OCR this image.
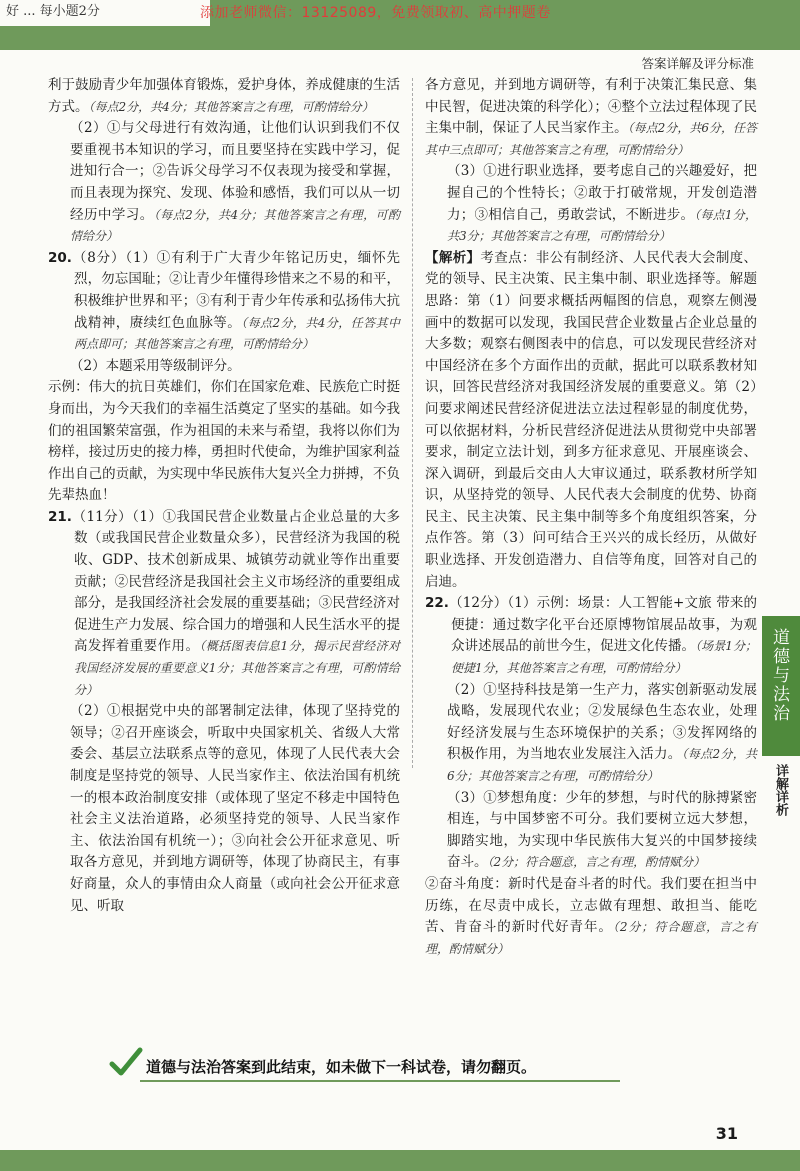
好 ... 每小题2分	添加老师微信：13125089，免费领取初、高中押题卷
答案详解及评分标准

利于鼓励青少年加强体育锻炼，爱护身体，养成健康的生活方式。（每点2分，共4分；其他答案言之有理，可酌情给分）

（2）①与父母进行有效沟通，让他们认识到我们不仅要重视书本知识的学习，而且要坚持在实践中学习，促进知行合一；②告诉父母学习不仅表现为接受和掌握，而且表现为探究、发现、体验和感悟，我们可以从一切经历中学习。（每点2分，共4分；其他答案言之有理，可酌情给分）

20.（8分）（1）①有利于广大青少年铭记历史，缅怀先烈，勿忘国耻；②让青少年懂得珍惜来之不易的和平，积极维护世界和平；③有利于青少年传承和弘扬伟大抗战精神，赓续红色血脉等。（每点2分，共4分，任答其中两点即可；其他答案言之有理，可酌情给分）

（2）本题采用等级制评分。

示例：伟大的抗日英雄们，你们在国家危难、民族危亡时挺身而出，为今天我们的幸福生活奠定了坚实的基础。如今我们的祖国繁荣富强，作为祖国的未来与希望，我将以你们为榜样，接过历史的接力棒，勇担时代使命，为维护国家利益作出自己的贡献，为实现中华民族伟大复兴全力拼搏，不负先辈热血！

21.（11分）（1）①我国民营企业数量占企业总量的大多数（或我国民营企业数量众多），民营经济为我国的税收、GDP、技术创新成果、城镇劳动就业等作出重要贡献；②民营经济是我国社会主义市场经济的重要组成部分，是我国经济社会发展的重要基础；③民营经济对促进生产力发展、综合国力的增强和人民生活水平的提高发挥着重要作用。（概括图表信息1分，揭示民营经济对我国经济发展的重要意义1分；其他答案言之有理，可酌情给分）

（2）①根据党中央的部署制定法律，体现了坚持党的领导；②召开座谈会，听取中央国家机关、省级人大常委会、基层立法联系点等的意见，体现了人民代表大会制度是坚持党的领导、人民当家作主、依法治国有机统一的根本政治制度安排（或体现了坚定不移走中国特色社会主义法治道路，必须坚持党的领导、人民当家作主、依法治国有机统一）；③向社会公开征求意见、听取各方意见，并到地方调研等，体现了协商民主，有事好商量，众人的事情由众人商量（或向社会公开征求意见、听取

各方意见，并到地方调研等，有利于决策汇集民意、集中民智，促进决策的科学化）；④整个立法过程体现了民主集中制，保证了人民当家作主。（每点2分，共6分，任答其中三点即可；其他答案言之有理，可酌情给分）

（3）①进行职业选择，要考虑自己的兴趣爱好，把握自己的个性特长；②敢于打破常规，开发创造潜力；③相信自己，勇敢尝试，不断进步。（每点1分，共3分；其他答案言之有理，可酌情给分）

【解析】考查点：非公有制经济、人民代表大会制度、党的领导、民主决策、民主集中制、职业选择等。解题思路：第（1）问要求概括两幅图的信息，观察左侧漫画中的数据可以发现，我国民营企业数量占企业总量的大多数；观察右侧图表中的信息，可以发现民营经济对中国经济在多个方面作出的贡献，据此可以联系教材知识，回答民营经济对我国经济发展的重要意义。第（2）问要求阐述民营经济促进法立法过程彰显的制度优势，可以依据材料，分析民营经济促进法从贯彻党中央部署要求，制定立法计划，到多方征求意见、开展座谈会、深入调研，到最后交由人大审议通过，联系教材所学知识，从坚持党的领导、人民代表大会制度的优势、协商民主、民主决策、民主集中制等多个角度组织答案，分点作答。第（3）问可结合王兴兴的成长经历，从做好职业选择、开发创造潜力、自信等角度，回答对自己的启迪。

22.（12分）（1）示例：场景：人工智能+文旅 带来的便捷：通过数字化平台还原博物馆展品故事，为观众讲述展品的前世今生，促进文化传播。（场景1分；便捷1分，其他答案言之有理，可酌情给分）

（2）①坚持科技是第一生产力，落实创新驱动发展战略，发展现代农业；②发展绿色生态农业，处理好经济发展与生态环境保护的关系；③发挥网络的积极作用，为当地农业发展注入活力。（每点2分，共6分；其他答案言之有理，可酌情给分）

（3）①梦想角度：少年的梦想，与时代的脉搏紧密相连，与中国梦密不可分。我们要树立远大梦想，脚踏实地，为实现中华民族伟大复兴的中国梦接续奋斗。（2分；符合题意，言之有理，酌情赋分）

②奋斗角度：新时代是奋斗者的时代。我们要在担当中历练，在尽责中成长，立志做有理想、敢担当、能吃苦、肯奋斗的新时代好青年。（2分；符合题意，言之有理，酌情赋分）

道德与法治
详解详析
道德与法治答案到此结束，如未做下一科试卷，请勿翻页。
31
